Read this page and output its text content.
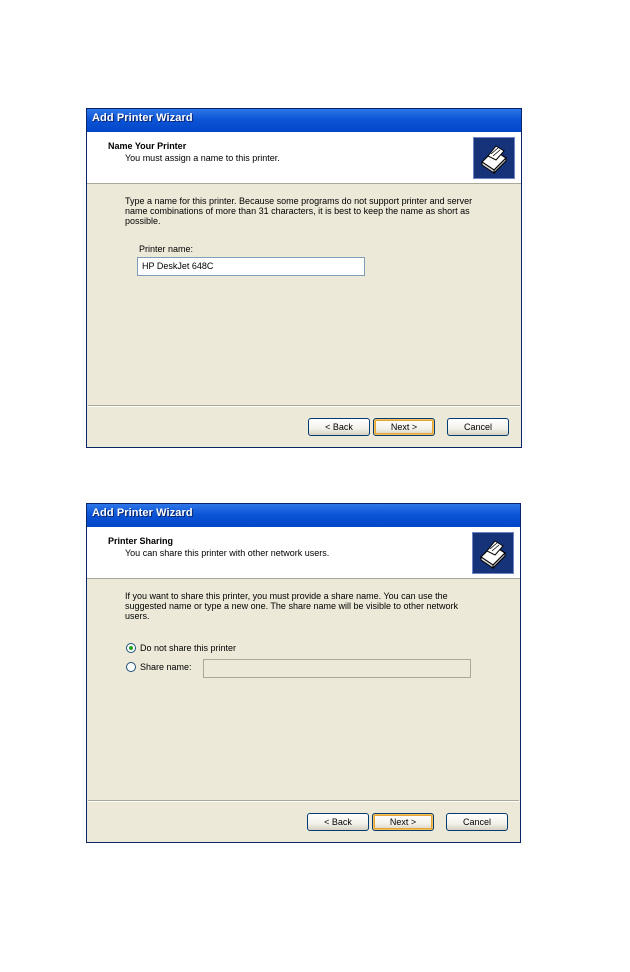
Add Printer Wizard
Name Your Printer
You must assign a name to this printer.
Type a name for this printer. Because some programs do not support printer and server name combinations of more than 31 characters, it is best to keep the name as short as possible.
Printer name:
HP DeskJet 648C
< Back	Next >	Cancel
Add Printer Wizard
Printer Sharing
You can share this printer with other network users.
If you want to share this printer, you must provide a share name. You can use the suggested name or type a new one. The share name will be visible to other network users.
Do not share this printer
Share name:
< Back	Next >	Cancel
